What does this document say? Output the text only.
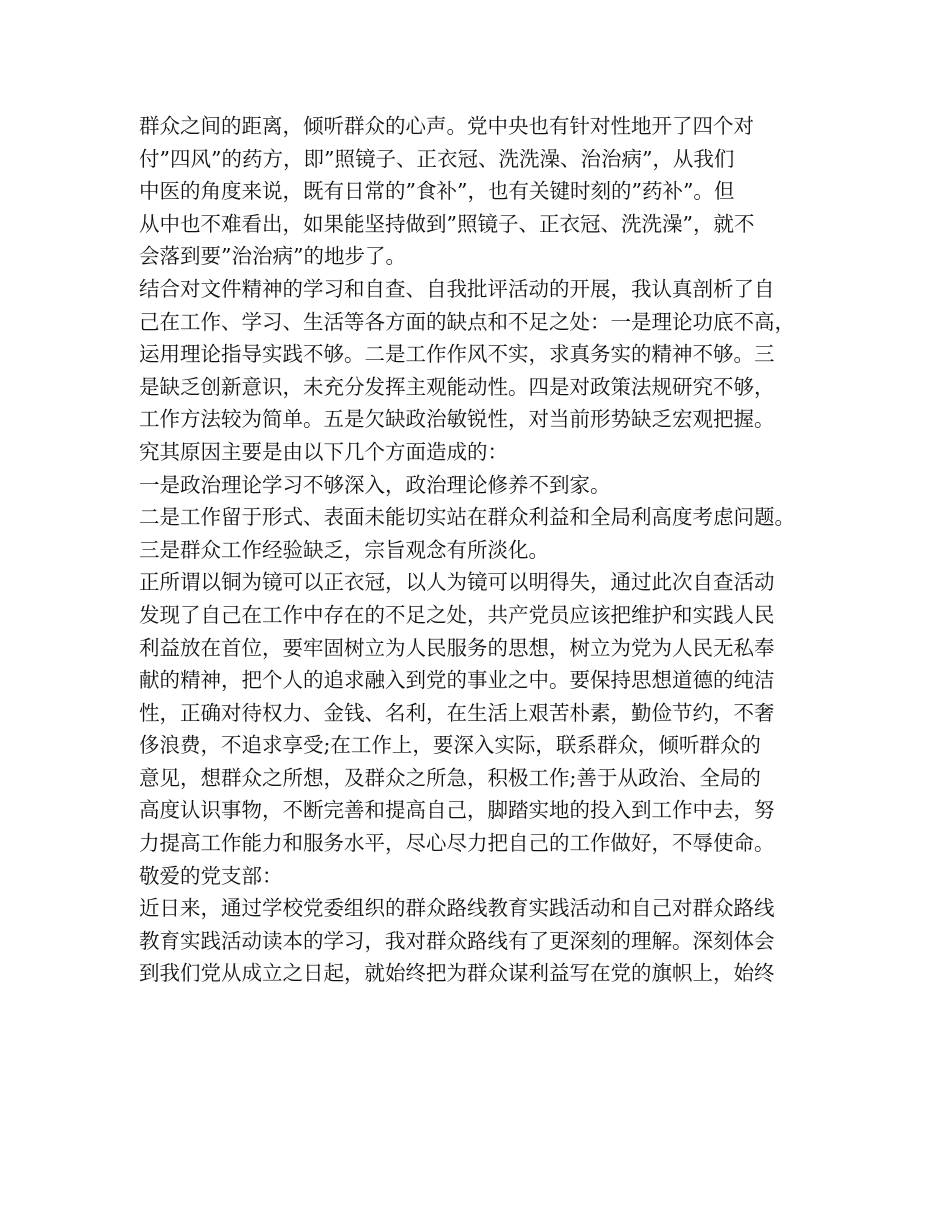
群众之间的距离，倾听群众的心声。党中央也有针对性地开了四个对
付”四风”的药方，即”照镜子、正衣冠、洗洗澡、治治病”，从我们
中医的角度来说，既有日常的”食补”，也有关键时刻的”药补”。但
从中也不难看出，如果能坚持做到”照镜子、正衣冠、洗洗澡”，就不
会落到要”治治病”的地步了。
结合对文件精神的学习和自查、自我批评活动的开展，我认真剖析了自
己在工作、学习、生活等各方面的缺点和不足之处：一是理论功底不高，
运用理论指导实践不够。二是工作作风不实，求真务实的精神不够。三
是缺乏创新意识，未充分发挥主观能动性。四是对政策法规研究不够，
工作方法较为简单。五是欠缺政治敏锐性，对当前形势缺乏宏观把握。
究其原因主要是由以下几个方面造成的：
一是政治理论学习不够深入，政治理论修养不到家。
二是工作留于形式、表面未能切实站在群众利益和全局利高度考虑问题。
三是群众工作经验缺乏，宗旨观念有所淡化。
正所谓以铜为镜可以正衣冠，以人为镜可以明得失，通过此次自查活动
发现了自己在工作中存在的不足之处，共产党员应该把维护和实践人民
利益放在首位，要牢固树立为人民服务的思想，树立为党为人民无私奉
献的精神，把个人的追求融入到党的事业之中。要保持思想道德的纯洁
性，正确对待权力、金钱、名利，在生活上艰苦朴素，勤俭节约，不奢
侈浪费，不追求享受;在工作上，要深入实际，联系群众，倾听群众的
意见，想群众之所想，及群众之所急，积极工作;善于从政治、全局的
高度认识事物，不断完善和提高自己，脚踏实地的投入到工作中去，努
力提高工作能力和服务水平，尽心尽力把自己的工作做好，不辱使命。
敬爱的党支部：
近日来，通过学校党委组织的群众路线教育实践活动和自己对群众路线
教育实践活动读本的学习，我对群众路线有了更深刻的理解。深刻体会
到我们党从成立之日起，就始终把为群众谋利益写在党的旗帜上，始终
